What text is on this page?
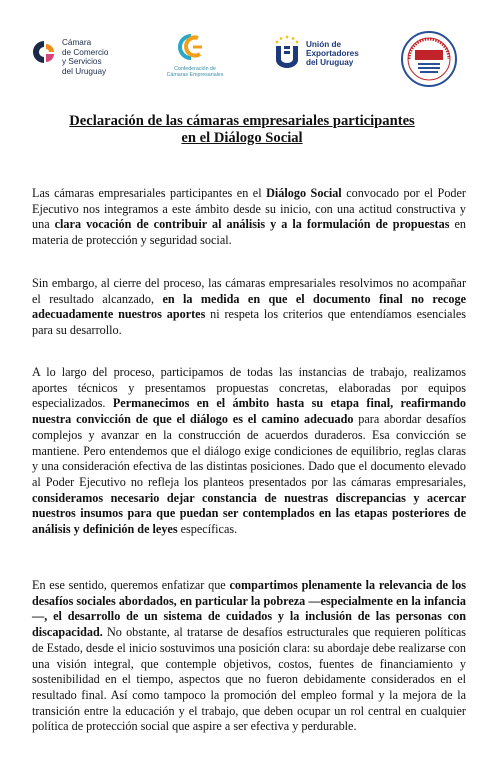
Cámara
de Comercio
y Servicios
del Uruguay	Confederación de
Cámaras Empresariales
Unión de
Exportadores
del Uruguay
Declaración de las cámaras empresariales participantes
en el Diálogo Social
Las cámaras empresariales participantes en el Diálogo Social convocado por el Poder Ejecutivo nos integramos a este ámbito desde su inicio, con una actitud constructiva y una clara vocación de contribuir al análisis y a la formulación de propuestas en materia de protección y seguridad social.
Sin embargo, al cierre del proceso, las cámaras empresariales resolvimos no acompañar el resultado alcanzado, en la medida en que el documento final no recoge adecuadamente nuestros aportes ni respeta los criterios que entendíamos esenciales para su desarrollo.
A lo largo del proceso, participamos de todas las instancias de trabajo, realizamos aportes técnicos y presentamos propuestas concretas, elaboradas por equipos especializados. Permanecimos en el ámbito hasta su etapa final, reafirmando nuestra convicción de que el diálogo es el camino adecuado para abordar desafíos complejos y avanzar en la construcción de acuerdos duraderos. Esa convicción se mantiene. Pero entendemos que el diálogo exige condiciones de equilibrio, reglas claras y una consideración efectiva de las distintas posiciones. Dado que el documento elevado al Poder Ejecutivo no refleja los planteos presentados por las cámaras empresariales, consideramos necesario dejar constancia de nuestras discrepancias y acercar nuestros insumos para que puedan ser contemplados en las etapas posteriores de análisis y definición de leyes específicas.
En ese sentido, queremos enfatizar que compartimos plenamente la relevancia de los desafíos sociales abordados, en particular la pobreza —especialmente en la infancia—, el desarrollo de un sistema de cuidados y la inclusión de las personas con discapacidad. No obstante, al tratarse de desafíos estructurales que requieren políticas de Estado, desde el inicio sostuvimos una posición clara: su abordaje debe realizarse con una visión integral, que contemple objetivos, costos, fuentes de financiamiento y sostenibilidad en el tiempo, aspectos que no fueron debidamente considerados en el resultado final. Así como tampoco la promoción del empleo formal y la mejora de la transición entre la educación y el trabajo, que deben ocupar un rol central en cualquier política de protección social que aspire a ser efectiva y perdurable.
